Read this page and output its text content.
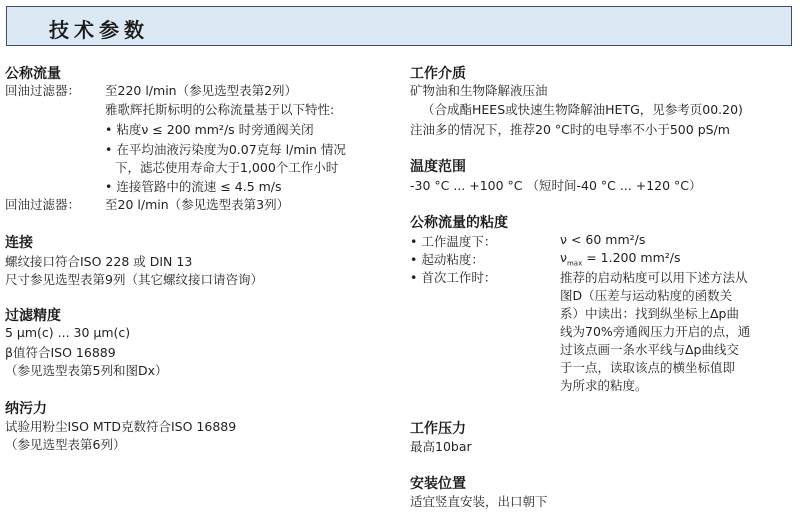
技术参数
公称流量
回油过滤器： 至220 l/min（参见选型表第2列）
雅歌辉托斯标明的公称流量基于以下特性:
• 粘度ν ≤ 200 mm²/s 时旁通阀关闭
• 在平均油液污染度为0.07克每 l/min 情况
下，滤芯使用寿命大于1,000个工作小时
• 连接管路中的流速 ≤ 4.5 m/s
回油过滤器： 至20 l/min（参见选型表第3列）
连接
螺纹接口符合ISO 228 或 DIN 13
尺寸参见选型表第9列（其它螺纹接口请咨询）
过滤精度
5 µm(c) ... 30 µm(c)
β值符合ISO 16889
（参见选型表第5列和图Dx）
纳污力
试验用粉尘ISO MTD克数符合ISO 16889
（参见选型表第6列）
工作介质
矿物油和生物降解液压油
（合成酯HEES或快速生物降解油HETG，见参考页00.20)
注油多的情况下，推荐20 °C时的电导率不小于500 pS/m
温度范围
-30 °C ... +100 °C （短时间-40 °C ... +120 °C）
公称流量的粘度
• 工作温度下：	ν < 60 mm²/s
• 起动粘度：	$\nu_{max} = 1.200$ mm²/s
• 首次工作时：	推荐的启动粘度可以用下述方法从
图D（压差与运动粘度的函数关
系）中读出：找到纵坐标上Δp曲
线为70%旁通阀压力开启的点，通
过该点画一条水平线与Δp曲线交
于一点，读取该点的横坐标值即
为所求的粘度。
工作压力
最高10bar
安装位置
适宜竖直安装，出口朝下
